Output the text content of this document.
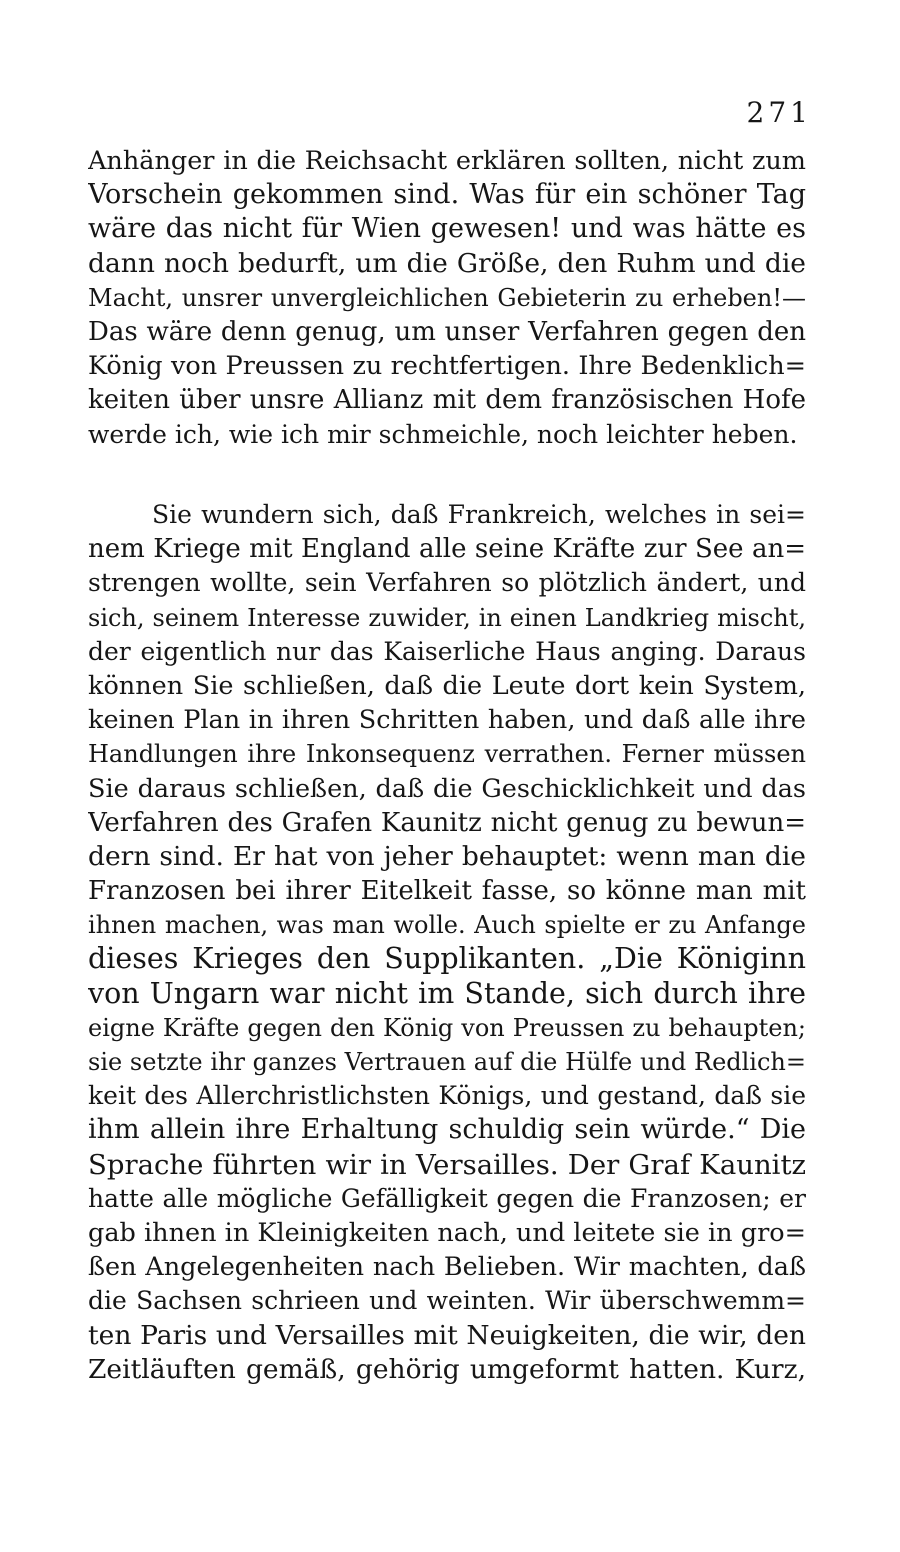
271
Anhänger in die Reichsacht erklären sollten, nicht zum
Vorschein gekommen sind. Was für ein schöner Tag
wäre das nicht für Wien gewesen! und was hätte es
dann noch bedurft, um die Größe, den Ruhm und die
Macht, unsrer unvergleichlichen Gebieterin zu erheben!—
Das wäre denn genug, um unser Verfahren gegen den
König von Preussen zu rechtfertigen. Ihre Bedenklich=
keiten über unsre Allianz mit dem französischen Hofe
werde ich, wie ich mir schmeichle, noch leichter heben.
Sie wundern sich, daß Frankreich, welches in sei=
nem Kriege mit England alle seine Kräfte zur See an=
strengen wollte, sein Verfahren so plötzlich ändert, und
sich, seinem Interesse zuwider, in einen Landkrieg mischt,
der eigentlich nur das Kaiserliche Haus anging. Daraus
können Sie schließen, daß die Leute dort kein System,
keinen Plan in ihren Schritten haben, und daß alle ihre
Handlungen ihre Inkonsequenz verrathen. Ferner müssen
Sie daraus schließen, daß die Geschicklichkeit und das
Verfahren des Grafen Kaunitz nicht genug zu bewun=
dern sind. Er hat von jeher behauptet: wenn man die
Franzosen bei ihrer Eitelkeit fasse, so könne man mit
ihnen machen, was man wolle. Auch spielte er zu Anfange
dieses Krieges den Supplikanten. „Die Königinn
von Ungarn war nicht im Stande, sich durch ihre
eigne Kräfte gegen den König von Preussen zu behaupten;
sie setzte ihr ganzes Vertrauen auf die Hülfe und Redlich=
keit des Allerchristlichsten Königs, und gestand, daß sie
ihm allein ihre Erhaltung schuldig sein würde.“ Die
Sprache führten wir in Versailles. Der Graf Kaunitz
hatte alle mögliche Gefälligkeit gegen die Franzosen; er
gab ihnen in Kleinigkeiten nach, und leitete sie in gro=
ßen Angelegenheiten nach Belieben. Wir machten, daß
die Sachsen schrieen und weinten. Wir überschwemm=
ten Paris und Versailles mit Neuigkeiten, die wir, den
Zeitläuften gemäß, gehörig umgeformt hatten. Kurz,
